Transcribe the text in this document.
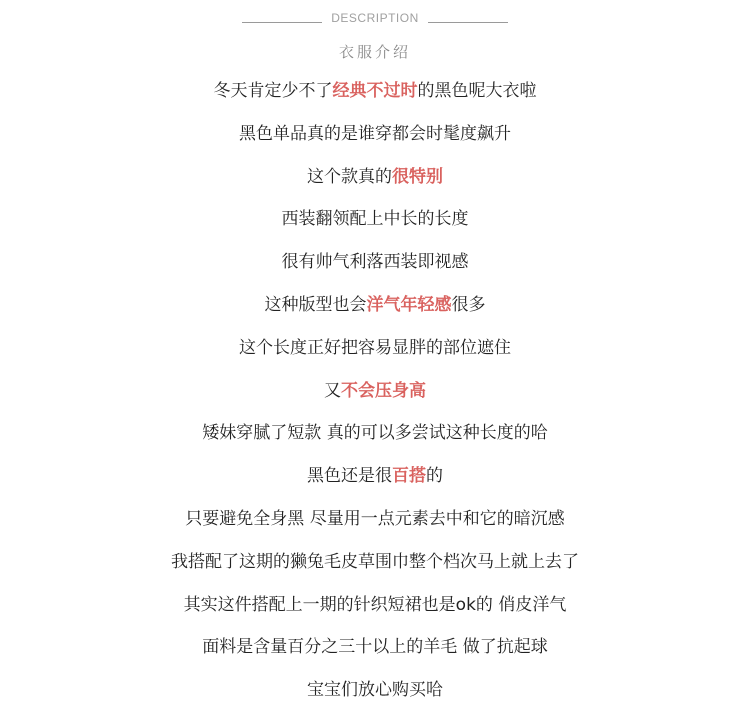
DESCRIPTION
衣服介绍
冬天肯定少不了经典不过时的黑色呢大衣啦
黑色单品真的是谁穿都会时髦度飙升
这个款真的很特别
西装翻领配上中长的长度
很有帅气利落西装即视感
这种版型也会洋气年轻感很多
这个长度正好把容易显胖的部位遮住
又不会压身高
矮妹穿腻了短款 真的可以多尝试这种长度的哈
黑色还是很百搭的
只要避免全身黑 尽量用一点元素去中和它的暗沉感
我搭配了这期的獭兔毛皮草围巾整个档次马上就上去了
其实这件搭配上一期的针织短裙也是ok的 俏皮洋气
面料是含量百分之三十以上的羊毛 做了抗起球
宝宝们放心购买哈
